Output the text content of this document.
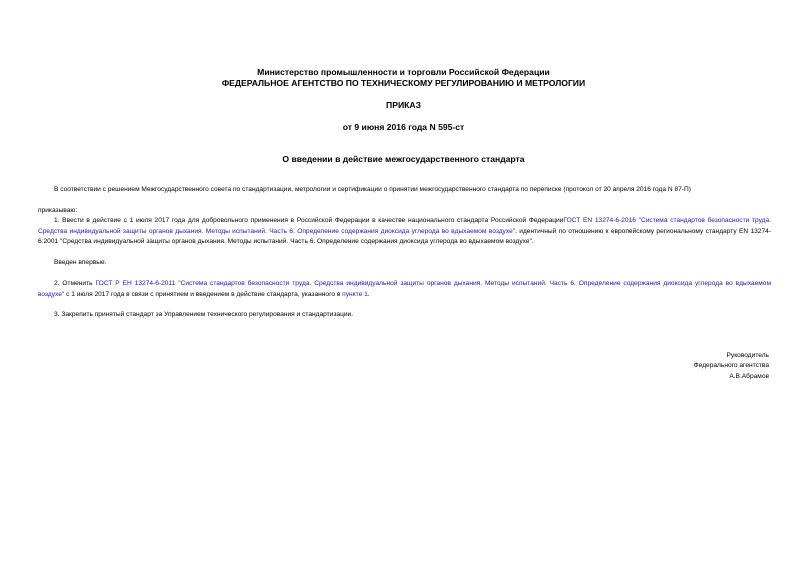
Министерство промышленности и торговли Российской Федерации
ФЕДЕРАЛЬНОЕ АГЕНТСТВО ПО ТЕХНИЧЕСКОМУ РЕГУЛИРОВАНИЮ И МЕТРОЛОГИИ
ПРИКАЗ
от 9 июня 2016 года N 595-ст
О введении в действие межгосударственного стандарта
В соответствии с решением Межгосударственного совета по стандартизации, метрологии и сертификации о принятии межгосударственного стандарта по переписке (протокол от 20 апреля 2016 года N 87-П)
приказываю:
1. Ввести в действие с 1 июля 2017 года для добровольного применения в Российской Федерации в качестве национального стандарта Российской ФедерацииГОСТ EN 13274-6-2016 "Система стандартов безопасности труда. Средства индивидуальной защиты органов дыхания. Методы испытаний. Часть 6. Определение содержания диоксида углерода во вдыхаемом воздухе", идентичный по отношению к европейскому региональному стандарту EN 13274-6:2001 "Средства индивидуальной защиты органов дыхания. Методы испытаний. Часть 6. Определение содержания диоксида углерода во вдыхаемом воздухе".
Введен впервые.
2. Отменить ГОСТ Р ЕН 13274-6-2011 "Система стандартов безопасности труда. Средства индивидуальной защиты органов дыхания. Методы испытаний. Часть 6. Определение содержания диоксида углерода во вдыхаемом воздухе" с 1 июля 2017 года в связи с принятием и введением в действие стандарта, указанного в пункте 1.
3. Закрепить принятый стандарт за Управлением технического регулирования и стандартизации.
Руководитель
Федерального агентства
А.В.Абрамов
